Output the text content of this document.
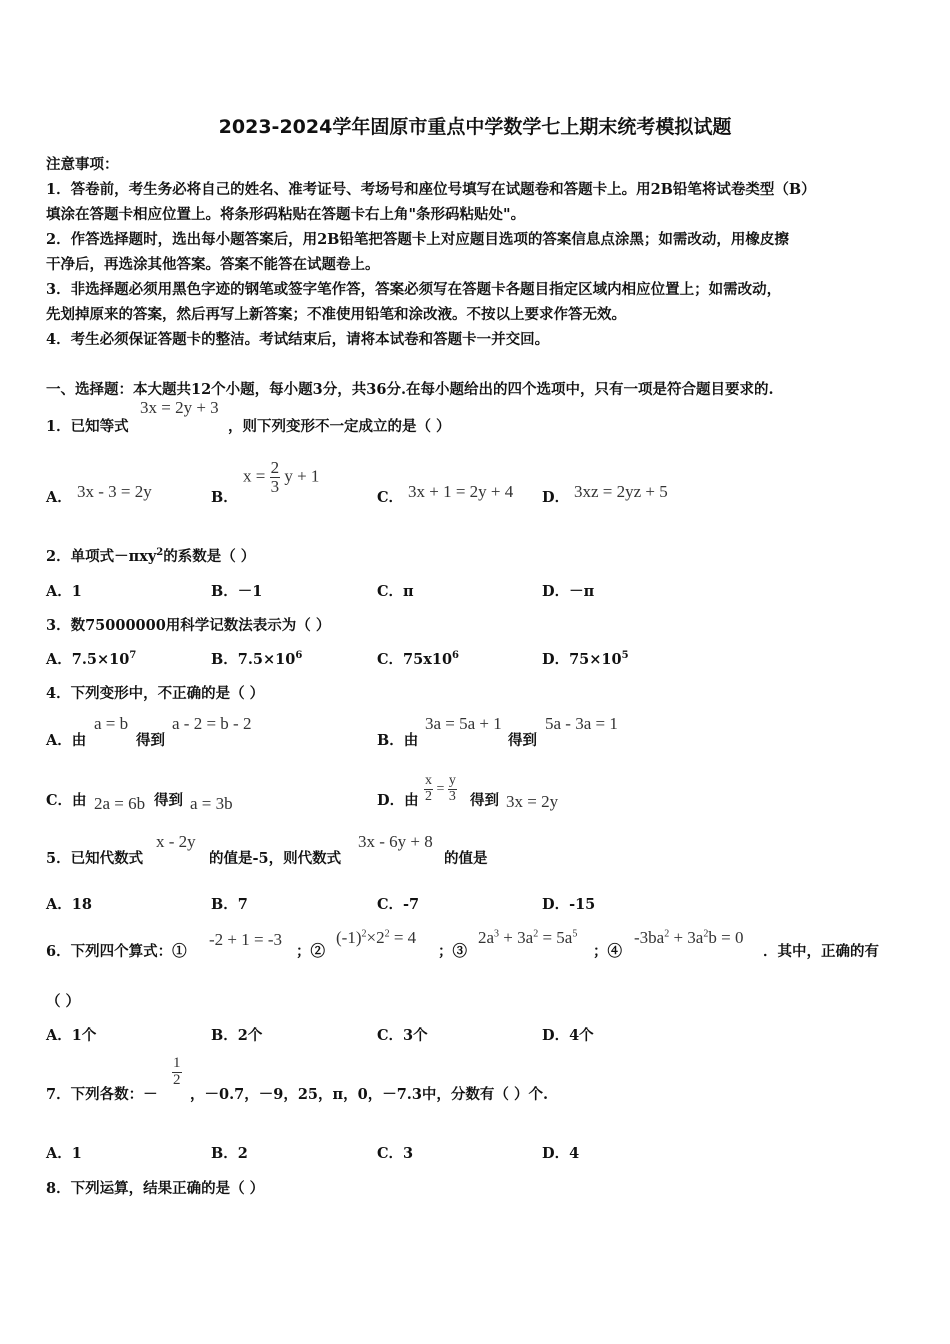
2023-2024学年固原市重点中学数学七上期末统考模拟试题
注意事项：
1．答卷前，考生务必将自己的姓名、准考证号、考场号和座位号填写在试题卷和答题卡上。用2B铅笔将试卷类型（B）
填涂在答题卡相应位置上。将条形码粘贴在答题卡右上角"条形码粘贴处"。
2．作答选择题时，选出每小题答案后，用2B铅笔把答题卡上对应题目选项的答案信息点涂黑；如需改动，用橡皮擦
干净后，再选涂其他答案。答案不能答在试题卷上。
3．非选择题必须用黑色字迹的钢笔或签字笔作答，答案必须写在答题卡各题目指定区域内相应位置上；如需改动，
先划掉原来的答案，然后再写上新答案；不准使用铅笔和涂改液。不按以上要求作答无效。
4．考生必须保证答题卡的整洁。考试结束后，请将本试卷和答题卡一并交回。
一、选择题：本大题共12个小题，每小题3分，共36分.在每小题给出的四个选项中，只有一项是符合题目要求的.
1．已知等式
3x = 2y + 3
，则下列变形不一定成立的是（ ）
A． 3x - 3 = 2y	B．
$x = \frac{2}{3}$ y + 1
C． 3x + 1 = 2y + 4 D． 3xz = 2yz + 5
2．单项式－πxy$^2$的系数是（ ）
A．1	B．－1	C．π	D．－π
3．数75000000用科学记数法表示为（ ）
A．$7.5\times 10^7$	B．$7.5\times 10^6$	C．$75x10^6$	D．$75\times 10^5$
4．下列变形中，不正确的是（ ）
A．由
a = b
得到
a - 2 = b - 2
B．由
3a = 5a + 1
得到
5a - 3a = 1
C．由 2a = 6b 得到 a = 3b	D．由 $\frac{x}{2} = \frac{y}{3}$ 得到 3x = 2y
5．已知代数式
x - 2y
的值是-5，则代数式
3x - 6y + 8
的值是
A．18	B．7	C．-7	D．-15
6．下列四个算式：①
-2 + 1 = -3
；②
$(-1)^2\times 2^2 = 4$
；③
$2a^3 + 3a^2 = 5a^5$
；④
$-3ba^2 + 3a^2b = 0$
．其中，正确的有
（ ）
A．1个	B．2个	C．3个	D．4个
7．下列各数：－
$\frac{1}{2}$
，－0.7，－9，25，π，0，－7.3中，分数有（ ）个.
A．1	B．2	C．3	D．4
8．下列运算，结果正确的是（ ）
